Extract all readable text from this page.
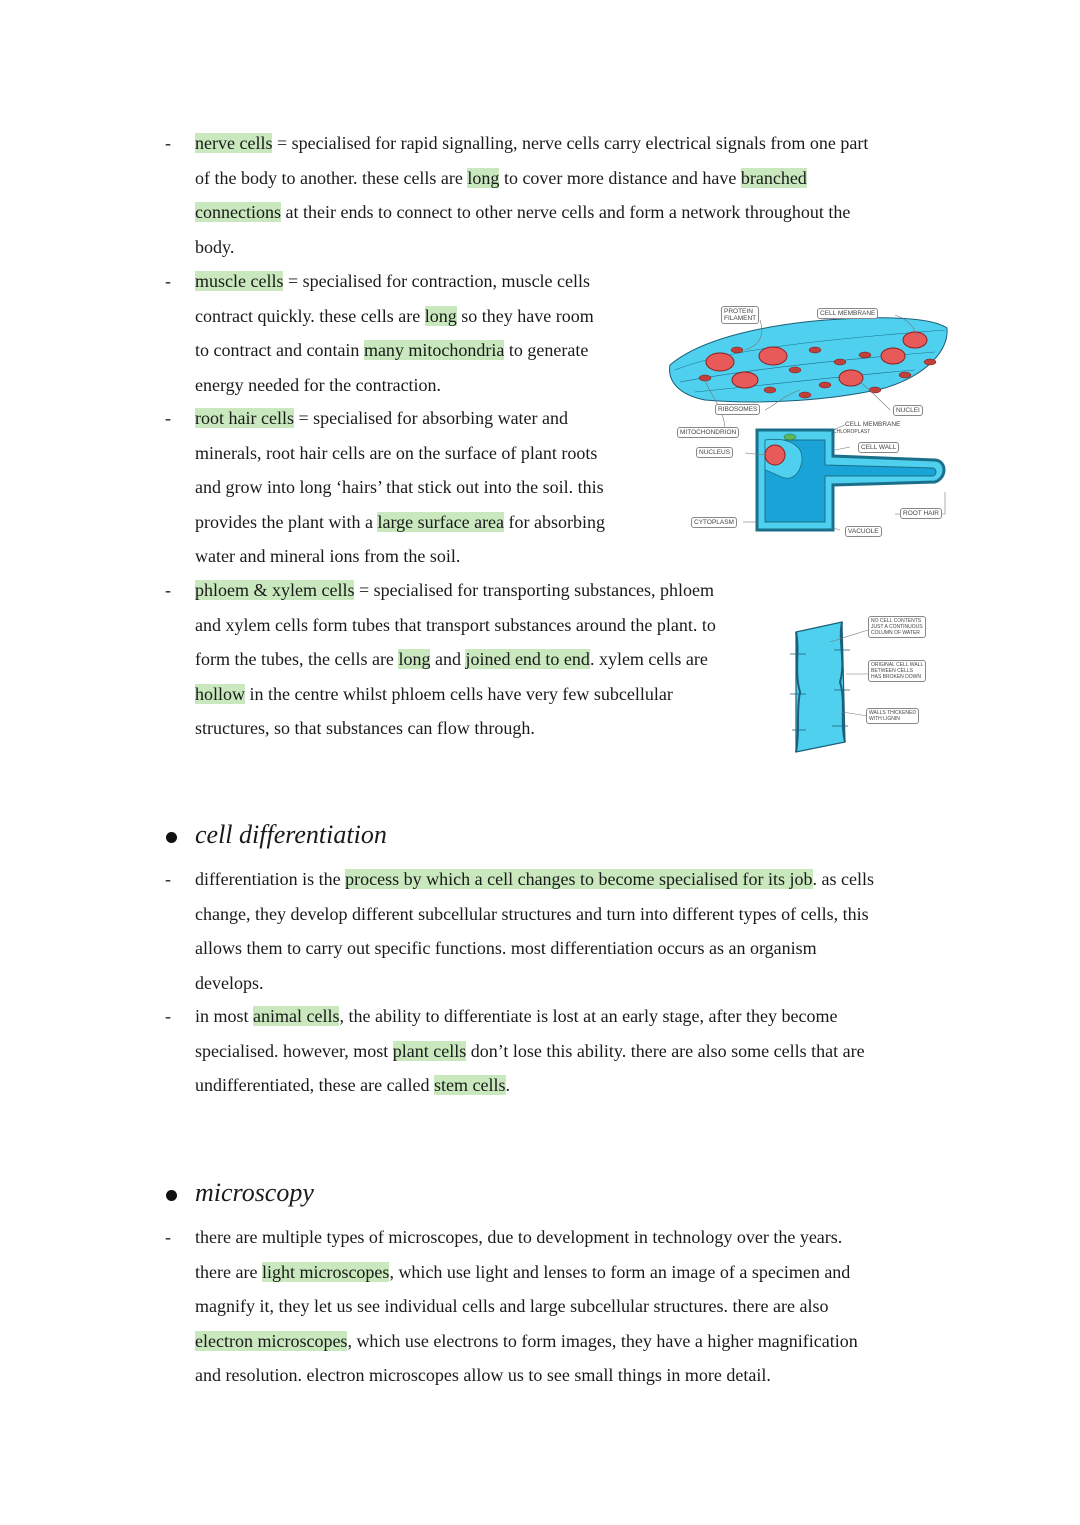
- nerve cells = specialised for rapid signalling, nerve cells carry electrical signals from one part
of the body to another. these cells are long to cover more distance and have branched
connections at their ends to connect to other nerve cells and form a network throughout the
body.
- muscle cells = specialised for contraction, muscle cells
contract quickly. these cells are long so they have room
to contract and contain many mitochondria to generate
energy needed for the contraction.
- root hair cells = specialised for absorbing water and
minerals, root hair cells are on the surface of plant roots
and grow into long ‘hairs’ that stick out into the soil. this
provides the plant with a large surface area for absorbing
water and mineral ions from the soil.
- phloem & xylem cells = specialised for transporting substances, phloem
and xylem cells form tubes that transport substances around the plant. to
form the tubes, the cells are long and joined end to end. xylem cells are
hollow in the centre whilst phloem cells have very few subcellular
structures, so that substances can flow through.
PROTEIN
FILAMENT
CELL MEMBRANE
RIBOSOMES
MITOCHONDRION
NUCLEUS
NUCLEI
CELL MEMBRANE
CHLOROPLAST
CELL WALL
CYTOPLASM
ROOT HAIR
VACUOLE
NO CELL CONTENTS
JUST A CONTINUOUS
COLUMN OF WATER
ORIGINAL CELL WALL
BETWEEN CELLS
HAS BROKEN DOWN
WALLS THICKENED
WITH LIGNIN
cell differentiation
- differentiation is the process by which a cell changes to become specialised for its job. as cells
change, they develop different subcellular structures and turn into different types of cells, this
allows them to carry out specific functions. most differentiation occurs as an organism
develops.
- in most animal cells, the ability to differentiate is lost at an early stage, after they become
specialised. however, most plant cells don’t lose this ability. there are also some cells that are
undifferentiated, these are called stem cells.
microscopy
- there are multiple types of microscopes, due to development in technology over the years.
there are light microscopes, which use light and lenses to form an image of a specimen and
magnify it, they let us see individual cells and large subcellular structures. there are also
electron microscopes, which use electrons to form images, they have a higher magnification
and resolution. electron microscopes allow us to see small things in more detail.
